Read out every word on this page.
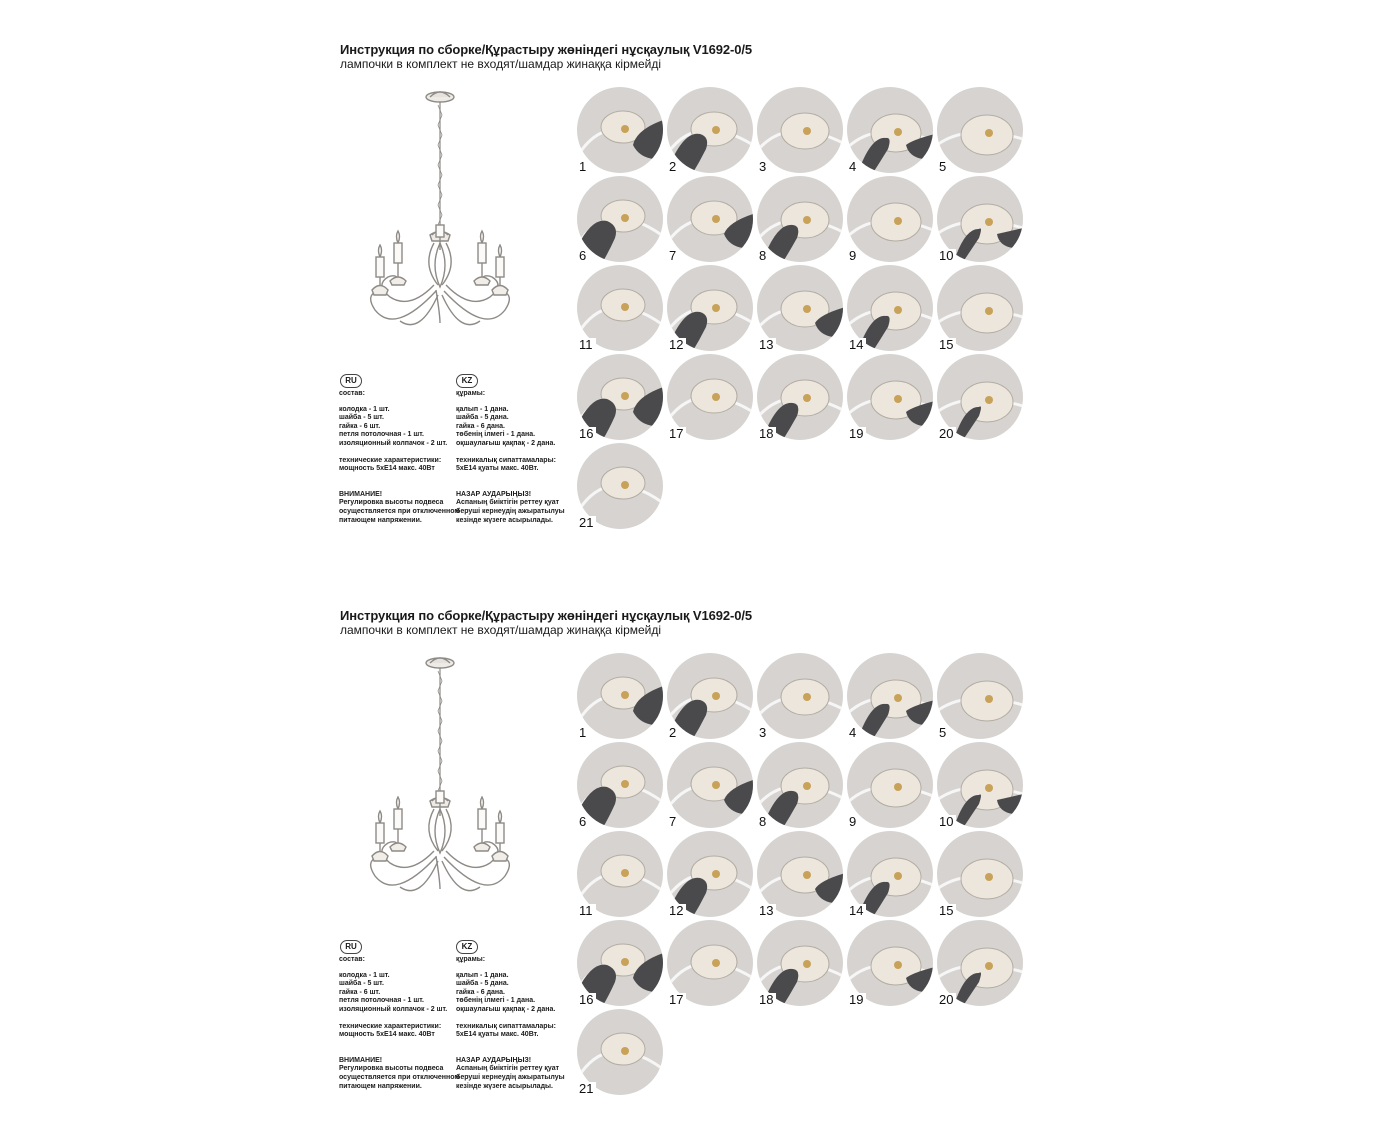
Инструкция по сборке/Құрастыру жөніндегі нұсқаулық V1692-0/5
лампочки в комплект не входят/шамдар жинаққа кірмейді
RU	KZ
состав:
колодка - 1 шт.
шайба - 5 шт.
гайка - 6 шт.
петля потолочная - 1 шт.
изоляционный колпачок - 2 шт.
технические характеристики:
мощность 5хЕ14 макс. 40Вт
ВНИМАНИЕ!
Регулировка высоты подвеса
осуществляется при отключенном
питающем напряжении.
құрамы:
қалып - 1 дана.
шайба - 5 дана.
гайка - 6 дана.
төбенің ілмегі - 1 дана.
оқшаулағыш қақпақ - 2 дана.
техникалық сипаттамалары:
5хЕ14 қуаты макс. 40Вт.
НАЗАР АУДАРЫҢЫЗ!
Аспаның биіктігін реттеу қуат
беруші кернеудің ажыратылуы
кезінде жүзеге асырылады.
1	2	3	4	5
6	7	8	9	10
11	12	13	14	15
16	17	18	19	20
21
Инструкция по сборке/Құрастыру жөніндегі нұсқаулық V1692-0/5
лампочки в комплект не входят/шамдар жинаққа кірмейді
RU	KZ
состав:
колодка - 1 шт.
шайба - 5 шт.
гайка - 6 шт.
петля потолочная - 1 шт.
изоляционный колпачок - 2 шт.
технические характеристики:
мощность 5хЕ14 макс. 40Вт
ВНИМАНИЕ!
Регулировка высоты подвеса
осуществляется при отключенном
питающем напряжении.
құрамы:
қалып - 1 дана.
шайба - 5 дана.
гайка - 6 дана.
төбенің ілмегі - 1 дана.
оқшаулағыш қақпақ - 2 дана.
техникалық сипаттамалары:
5хЕ14 қуаты макс. 40Вт.
НАЗАР АУДАРЫҢЫЗ!
Аспаның биіктігін реттеу қуат
беруші кернеудің ажыратылуы
кезінде жүзеге асырылады.
1	2	3	4	5
6	7	8	9	10
11	12	13	14	15
16	17	18	19	20
21
